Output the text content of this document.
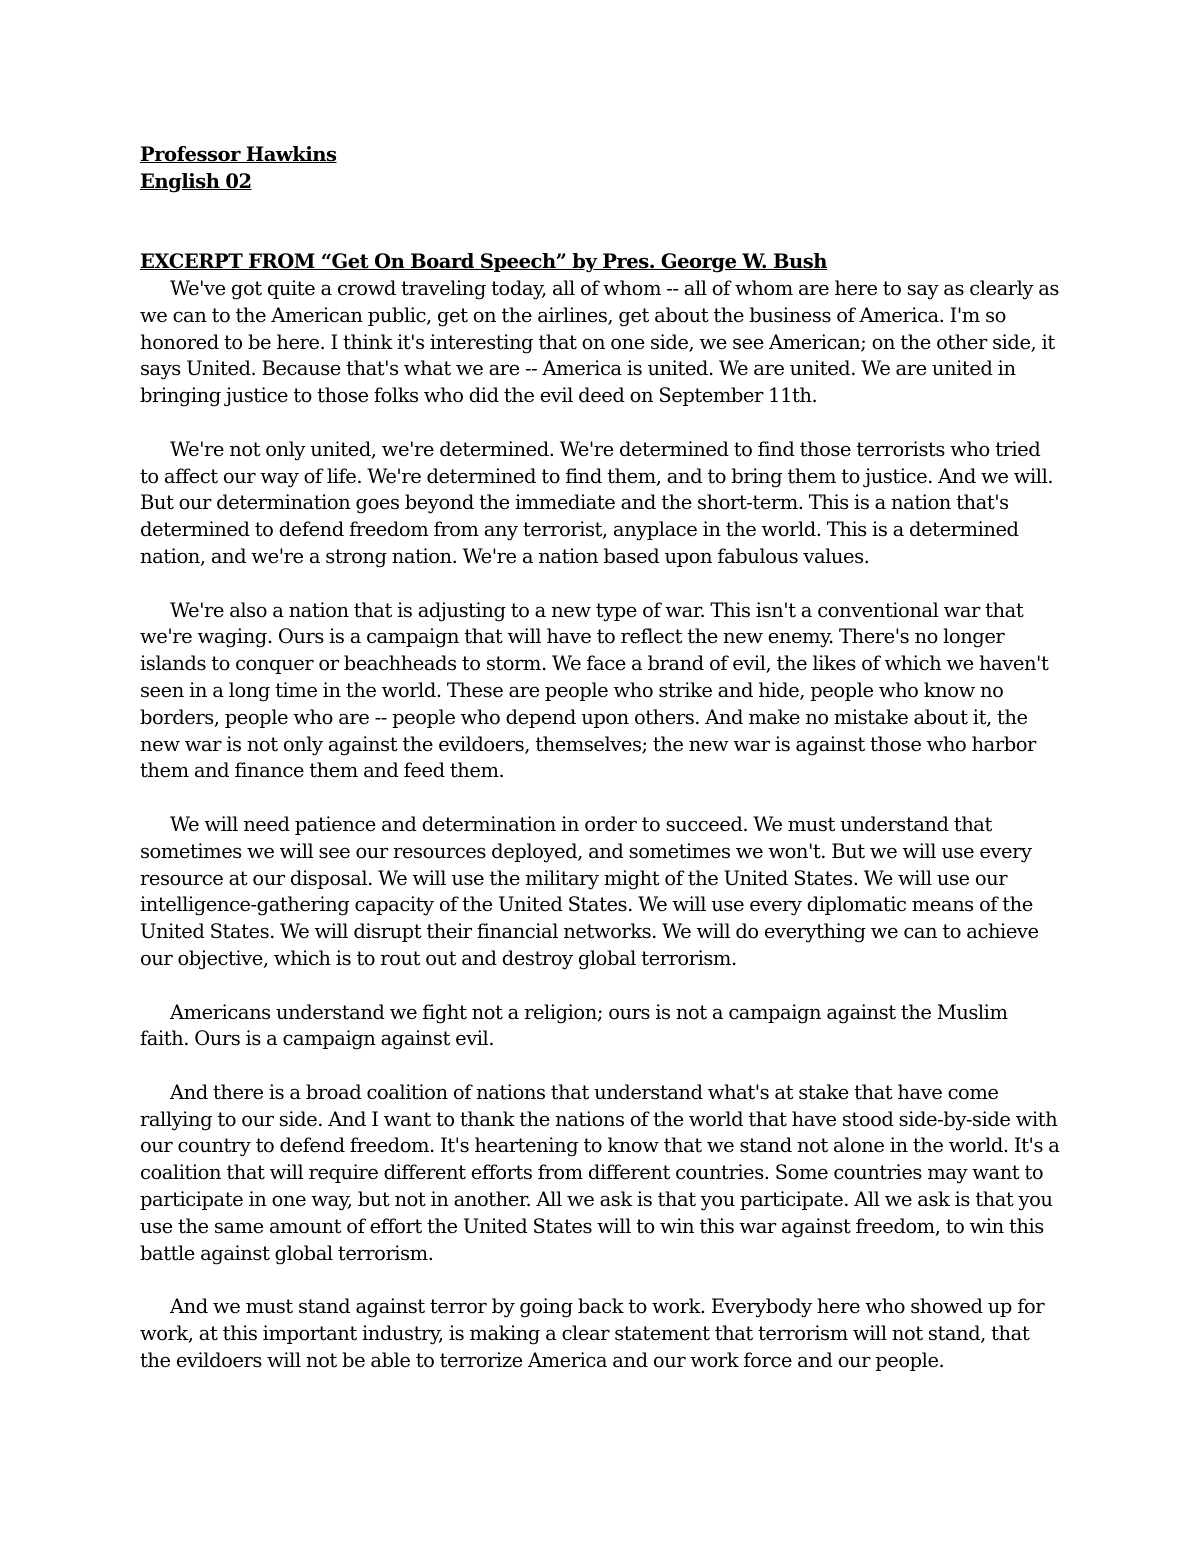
Professor Hawkins

English 02

EXCERPT FROM “Get On Board Speech” by Pres. George W. Bush

We've got quite a crowd traveling today, all of whom -- all of whom are here to say as clearly as we can to the American public, get on the airlines, get about the business of America. I'm so honored to be here. I think it's interesting that on one side, we see American; on the other side, it says United. Because that's what we are -- America is united. We are united. We are united in bringing justice to those folks who did the evil deed on September 11th.

We're not only united, we're determined. We're determined to find those terrorists who tried to affect our way of life. We're determined to find them, and to bring them to justice. And we will. But our determination goes beyond the immediate and the short-term. This is a nation that's determined to defend freedom from any terrorist, anyplace in the world. This is a determined nation, and we're a strong nation. We're a nation based upon fabulous values.

We're also a nation that is adjusting to a new type of war. This isn't a conventional war that we're waging. Ours is a campaign that will have to reflect the new enemy. There's no longer islands to conquer or beachheads to storm. We face a brand of evil, the likes of which we haven't seen in a long time in the world. These are people who strike and hide, people who know no borders, people who are -- people who depend upon others. And make no mistake about it, the new war is not only against the evildoers, themselves; the new war is against those who harbor them and finance them and feed them.

We will need patience and determination in order to succeed. We must understand that sometimes we will see our resources deployed, and sometimes we won't. But we will use every resource at our disposal. We will use the military might of the United States. We will use our intelligence-gathering capacity of the United States. We will use every diplomatic means of the United States. We will disrupt their financial networks. We will do everything we can to achieve our objective, which is to rout out and destroy global terrorism.

Americans understand we fight not a religion; ours is not a campaign against the Muslim faith. Ours is a campaign against evil.

And there is a broad coalition of nations that understand what's at stake that have come rallying to our side. And I want to thank the nations of the world that have stood side-by-side with our country to defend freedom. It's heartening to know that we stand not alone in the world. It's a coalition that will require different efforts from different countries. Some countries may want to participate in one way, but not in another. All we ask is that you participate. All we ask is that you use the same amount of effort the United States will to win this war against freedom, to win this battle against global terrorism.

And we must stand against terror by going back to work. Everybody here who showed up for work, at this important industry, is making a clear statement that terrorism will not stand, that the evildoers will not be able to terrorize America and our work force and our people.
